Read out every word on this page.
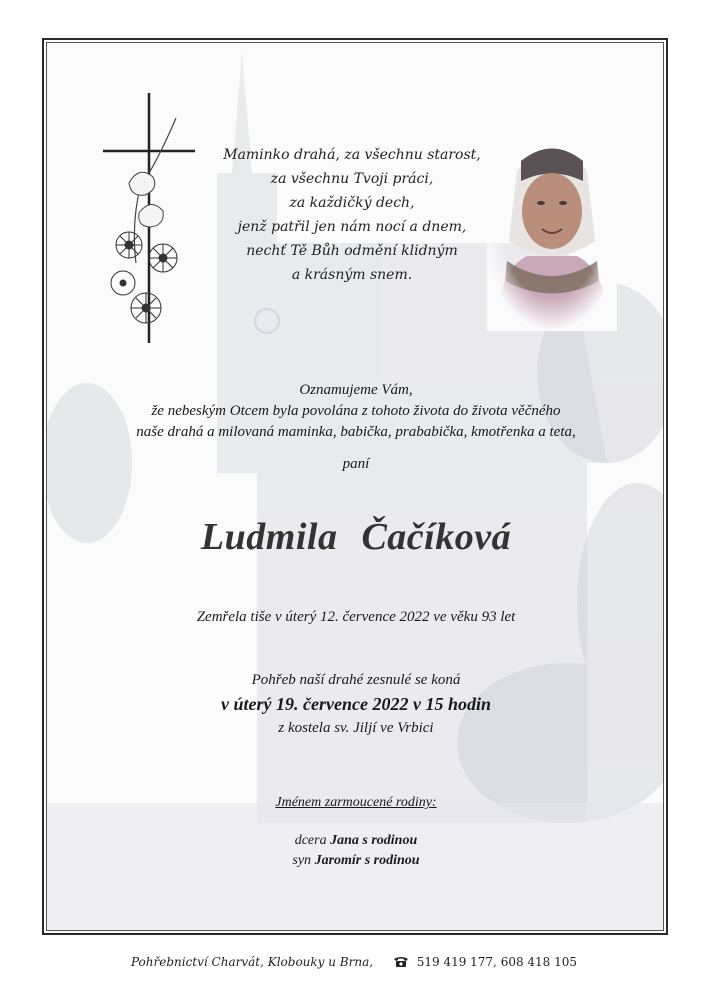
Maminko drahá, za všechnu starost,
za všechnu Tvoji práci,
za každičký dech,
jenž patřil jen nám nocí a dnem,
nechť Tě Bůh odmění klidným
a krásným snem.
Oznamujeme Vám,
že nebeským Otcem byla povolána z tohoto života do života věčného
naše drahá a milovaná maminka, babička, prababička, kmotřenka a teta,
paní
Ludmila Čačíková
Zemřela tiše v úterý 12. července 2022 ve věku 93 let
Pohřeb naší drahé zesnulé se koná
v úterý 19. července 2022 v 15 hodin
z kostela sv. Jiljí ve Vrbici
Jménem zarmoucené rodiny:
dcera Jana s rodinou
syn Jaromír s rodinou
Pohřebnictví Charvát, Klobouky u Brna,	519 419 177, 608 418 105
